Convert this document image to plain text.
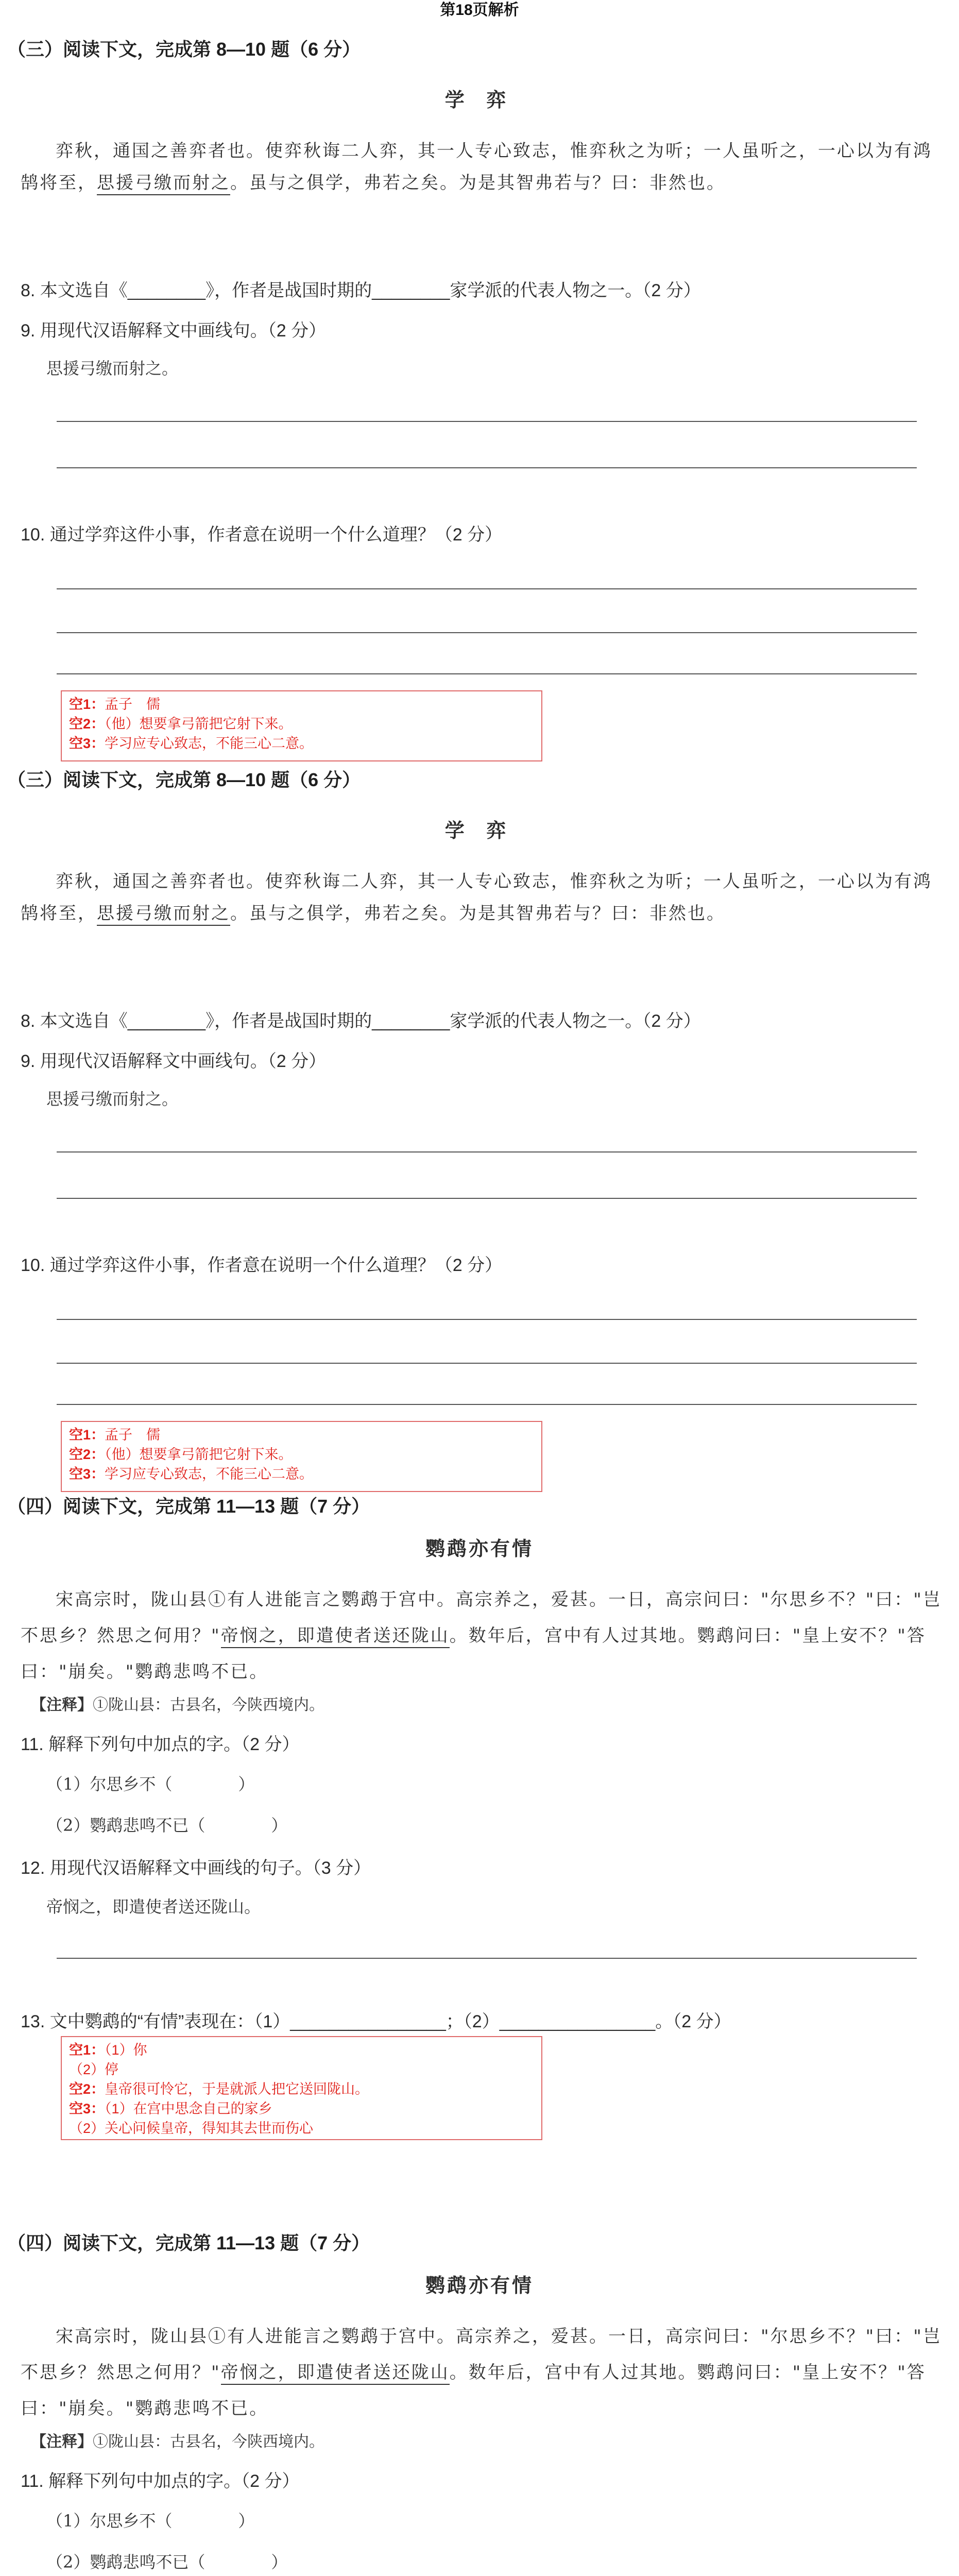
第18页解析
（三）阅读下文，完成第 8—10 题（6 分）
学 弈
弈秋，通国之善弈者也。使弈秋诲二人弈，其一人专心致志，惟弈秋之为听；一人虽听之，一心以为有鸿鹄将至，思援弓缴而射之。虽与之俱学，弗若之矣。为是其智弗若与？曰：非然也。
8. 本文选自《________》，作者是战国时期的________家学派的代表人物之一。（2 分）
9. 用现代汉语解释文中画线句。（2 分）
思援弓缴而射之。
10. 通过学弈这件小事，作者意在说明一个什么道理？（2 分）
空1：孟子　儒
空2：（他）想要拿弓箭把它射下来。
空3：学习应专心致志，不能三心二意。
（三）阅读下文，完成第 8—10 题（6 分）
学 弈
弈秋，通国之善弈者也。使弈秋诲二人弈，其一人专心致志，惟弈秋之为听；一人虽听之，一心以为有鸿鹄将至，思援弓缴而射之。虽与之俱学，弗若之矣。为是其智弗若与？曰：非然也。
8. 本文选自《________》，作者是战国时期的________家学派的代表人物之一。（2 分）
9. 用现代汉语解释文中画线句。（2 分）
思援弓缴而射之。
10. 通过学弈这件小事，作者意在说明一个什么道理？（2 分）
空1：孟子　儒
空2：（他）想要拿弓箭把它射下来。
空3：学习应专心致志，不能三心二意。
（四）阅读下文，完成第 11—13 题（7 分）
鹦鹉亦有情
宋高宗时，陇山县①有人进能言之鹦鹉于宫中。高宗养之，爱甚。一日，高宗问曰："尔思乡不？"曰："岂不思乡？然思之何用？"帝悯之，即遣使者送还陇山。数年后，宫中有人过其地。鹦鹉问曰："皇上安不？"答曰："崩矣。"鹦鹉悲鸣不已。
【注释】①陇山县：古县名，今陕西境内。
11. 解释下列句中加点的字。（2 分）
（1）尔思乡不（　　　　）
（2）鹦鹉悲鸣不已（　　　　）
12. 用现代汉语解释文中画线的句子。（3 分）
帝悯之，即遣使者送还陇山。
13. 文中鹦鹉的“有情”表现在：（1）________________；（2）________________。（2 分）
空1：（1）你
（2）停
空2：皇帝很可怜它，于是就派人把它送回陇山。
空3：（1）在宫中思念自己的家乡
（2）关心问候皇帝，得知其去世而伤心
（四）阅读下文，完成第 11—13 题（7 分）
鹦鹉亦有情
宋高宗时，陇山县①有人进能言之鹦鹉于宫中。高宗养之，爱甚。一日，高宗问曰："尔思乡不？"曰："岂不思乡？然思之何用？"帝悯之，即遣使者送还陇山。数年后，宫中有人过其地。鹦鹉问曰："皇上安不？"答曰："崩矣。"鹦鹉悲鸣不已。
【注释】①陇山县：古县名，今陕西境内。
11. 解释下列句中加点的字。（2 分）
（1）尔思乡不（　　　　）
（2）鹦鹉悲鸣不已（　　　　）
